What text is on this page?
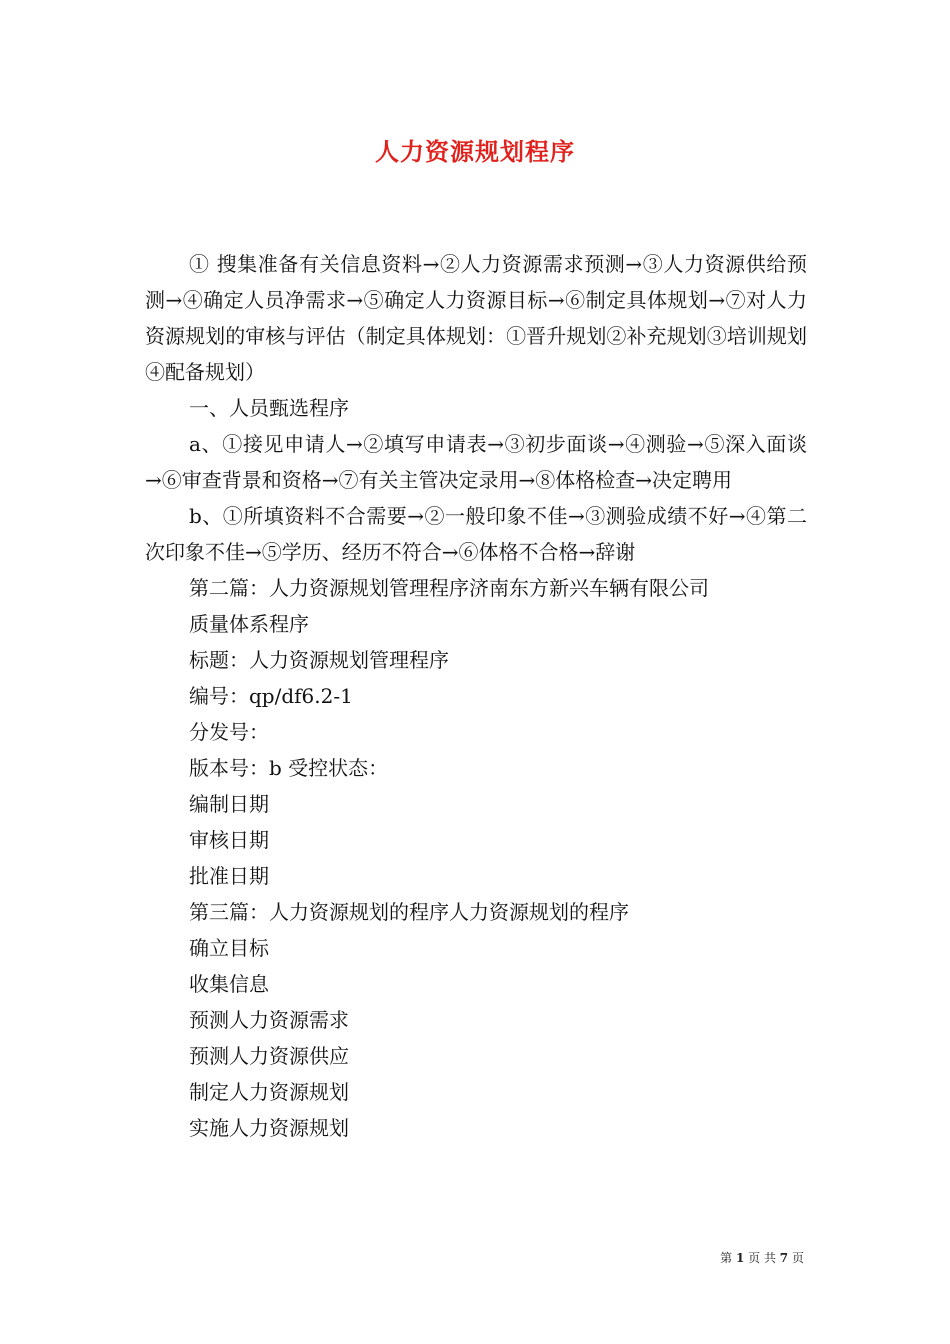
人力资源规划程序

① 搜集准备有关信息资料→②人力资源需求预测→③人力资源供给预测→④确定人员净需求→⑤确定人力资源目标→⑥制定具体规划→⑦对人力资源规划的审核与评估（制定具体规划：①晋升规划②补充规划③培训规划④配备规划）

一、人员甄选程序

a、①接见申请人→②填写申请表→③初步面谈→④测验→⑤深入面谈→⑥审查背景和资格→⑦有关主管决定录用→⑧体格检查→决定聘用

b、①所填资料不合需要→②一般印象不佳→③测验成绩不好→④第二次印象不佳→⑤学历、经历不符合→⑥体格不合格→辞谢

第二篇：人力资源规划管理程序济南东方新兴车辆有限公司

质量体系程序

标题：人力资源规划管理程序

编号：qp/df6.2-1

分发号：

版本号：b 受控状态：

编制日期

审核日期

批准日期

第三篇：人力资源规划的程序人力资源规划的程序

确立目标

收集信息

预测人力资源需求

预测人力资源供应

制定人力资源规划

实施人力资源规划

第 1 页 共 7 页
